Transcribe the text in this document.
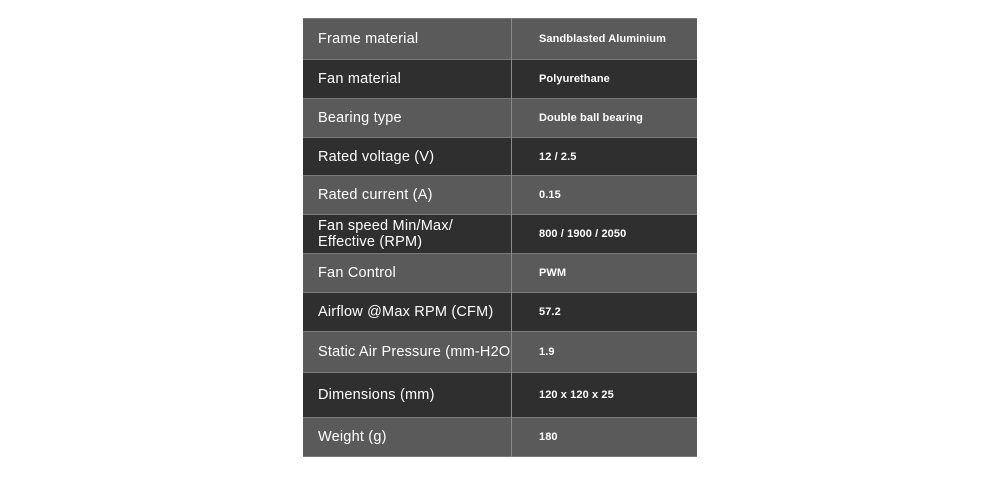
Frame material	Sandblasted Aluminium
Fan material	Polyurethane
Bearing type	Double ball bearing
Rated voltage (V)	12 / 2.5
Rated current (A)	0.15
Fan speed Min/Max/ Effective (RPM)	800 / 1900 / 2050
Fan Control	PWM
Airflow @Max RPM (CFM)	57.2
Static Air Pressure (mm-H2O	1.9
Dimensions (mm)	120 x 120 x 25
Weight (g)	180
